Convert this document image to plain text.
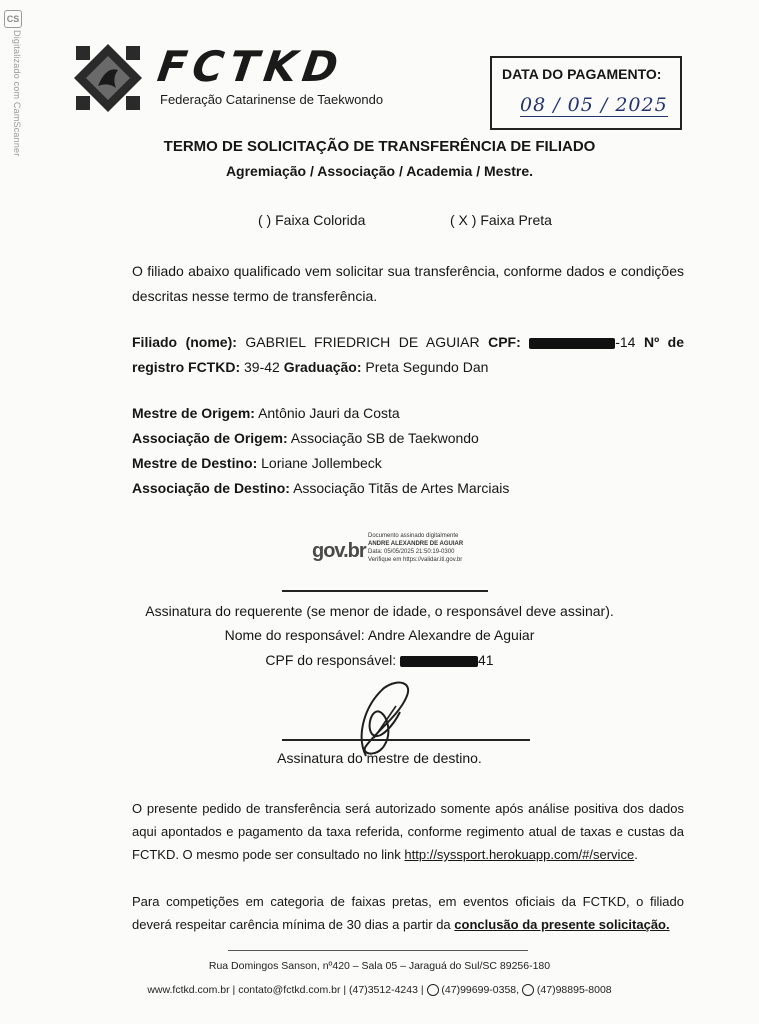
CS
Digitalizado com CamScanner	FCTKD
Federação Catarinense de Taekwondo
DATA DO PAGAMENTO:
08 / 05 / 2025
TERMO DE SOLICITAÇÃO DE TRANSFERÊNCIA DE FILIADO
Agremiação / Associação / Academia / Mestre.
( ) Faixa Colorida	( X ) Faixa Preta
O filiado abaixo qualificado vem solicitar sua transferência, conforme dados e condições descritas nesse termo de transferência.
Filiado (nome): GABRIEL FRIEDRICH DE AGUIAR CPF:	-14 Nº de registro FCTKD: 39-42 Graduação: Preta Segundo Dan
Mestre de Origem: Antônio Jauri da Costa
Associação de Origem: Associação SB de Taekwondo
Mestre de Destino: Loriane Jollembeck
Associação de Destino: Associação Titãs de Artes Marciais
gov.br
Documento assinado digitalmente
ANDRE ALEXANDRE DE AGUIAR
Data: 05/05/2025 21:50:19-0300
Verifique em https://validar.iti.gov.br
Assinatura do requerente (se menor de idade, o responsável deve assinar).
Nome do responsável: Andre Alexandre de Aguiar
CPF do responsável:	41
Assinatura do mestre de destino.
O presente pedido de transferência será autorizado somente após análise positiva dos dados aqui apontados e pagamento da taxa referida, conforme regimento atual de taxas e custas da FCTKD. O mesmo pode ser consultado no link http://syssport.herokuapp.com/#/service.
Para competições em categoria de faixas pretas, em eventos oficiais da FCTKD, o filiado deverá respeitar carência mínima de 30 dias a partir da conclusão da presente solicitação.
Rua Domingos Sanson, nº420 – Sala 05 – Jaraguá do Sul/SC 89256-180
www.fctkd.com.br | contato@fctkd.com.br | (47)3512-4243 |  (47)99699-0358, (47)98895-8008
